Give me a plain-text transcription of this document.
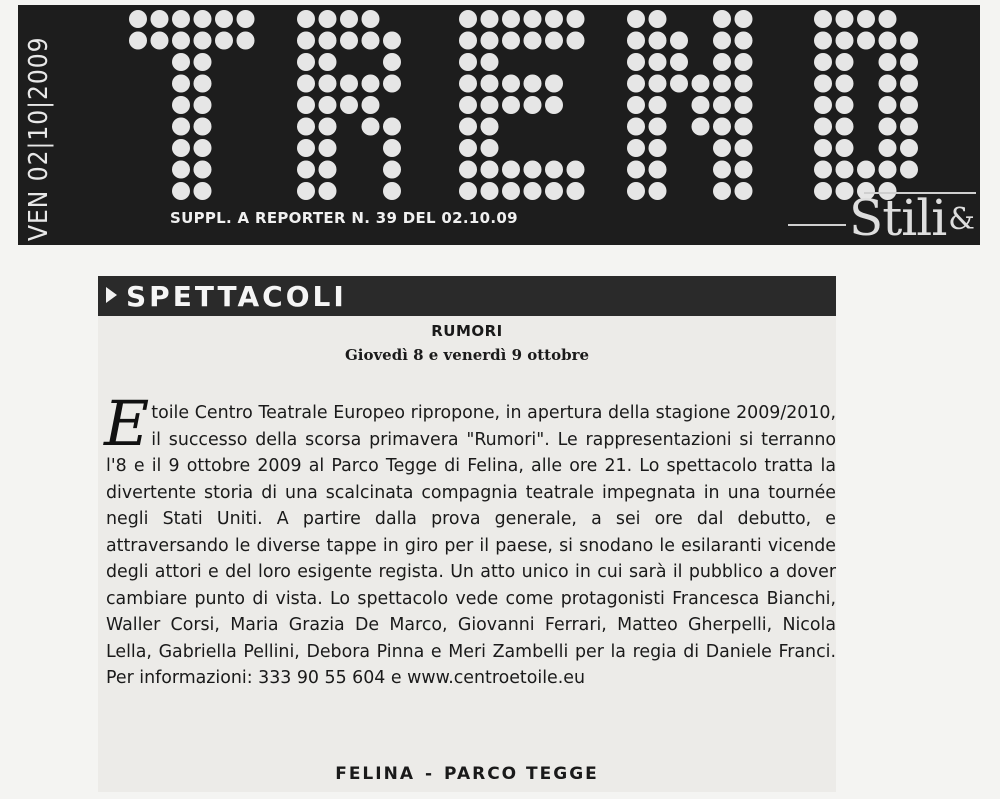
VEN 02|10|2009	SUPPL. A REPORTER N. 39 DEL 02.10.09	Stili&
SPETTACOLI
RUMORI
Giovedì 8 e venerdì 9 ottobre
Etoile Centro Teatrale Europeo ripropone, in apertura della stagione 2009/2010, il successo della scorsa primavera "Rumori". Le rappresentazioni si terranno l'8 e il 9 ottobre 2009 al Parco Tegge di Felina, alle ore 21. Lo spettacolo tratta la divertente storia di una scalcinata compagnia teatrale impegnata in una tournée negli Stati Uniti. A partire dalla prova generale, a sei ore dal debutto, e attraversando le diverse tappe in giro per il paese, si snodano le esilaranti vicende degli attori e del loro esigente regista. Un atto unico in cui sarà il pubblico a dover cambiare punto di vista. Lo spettacolo vede come protagonisti Francesca Bianchi, Waller Corsi, Maria Grazia De Marco, Giovanni Ferrari, Matteo Gherpelli, Nicola Lella, Gabriella Pellini, Debora Pinna e Meri Zambelli per la regia di Daniele Franci. Per informazioni: 333 90 55 604 e www.centroetoile.eu
FELINA - PARCO TEGGE
